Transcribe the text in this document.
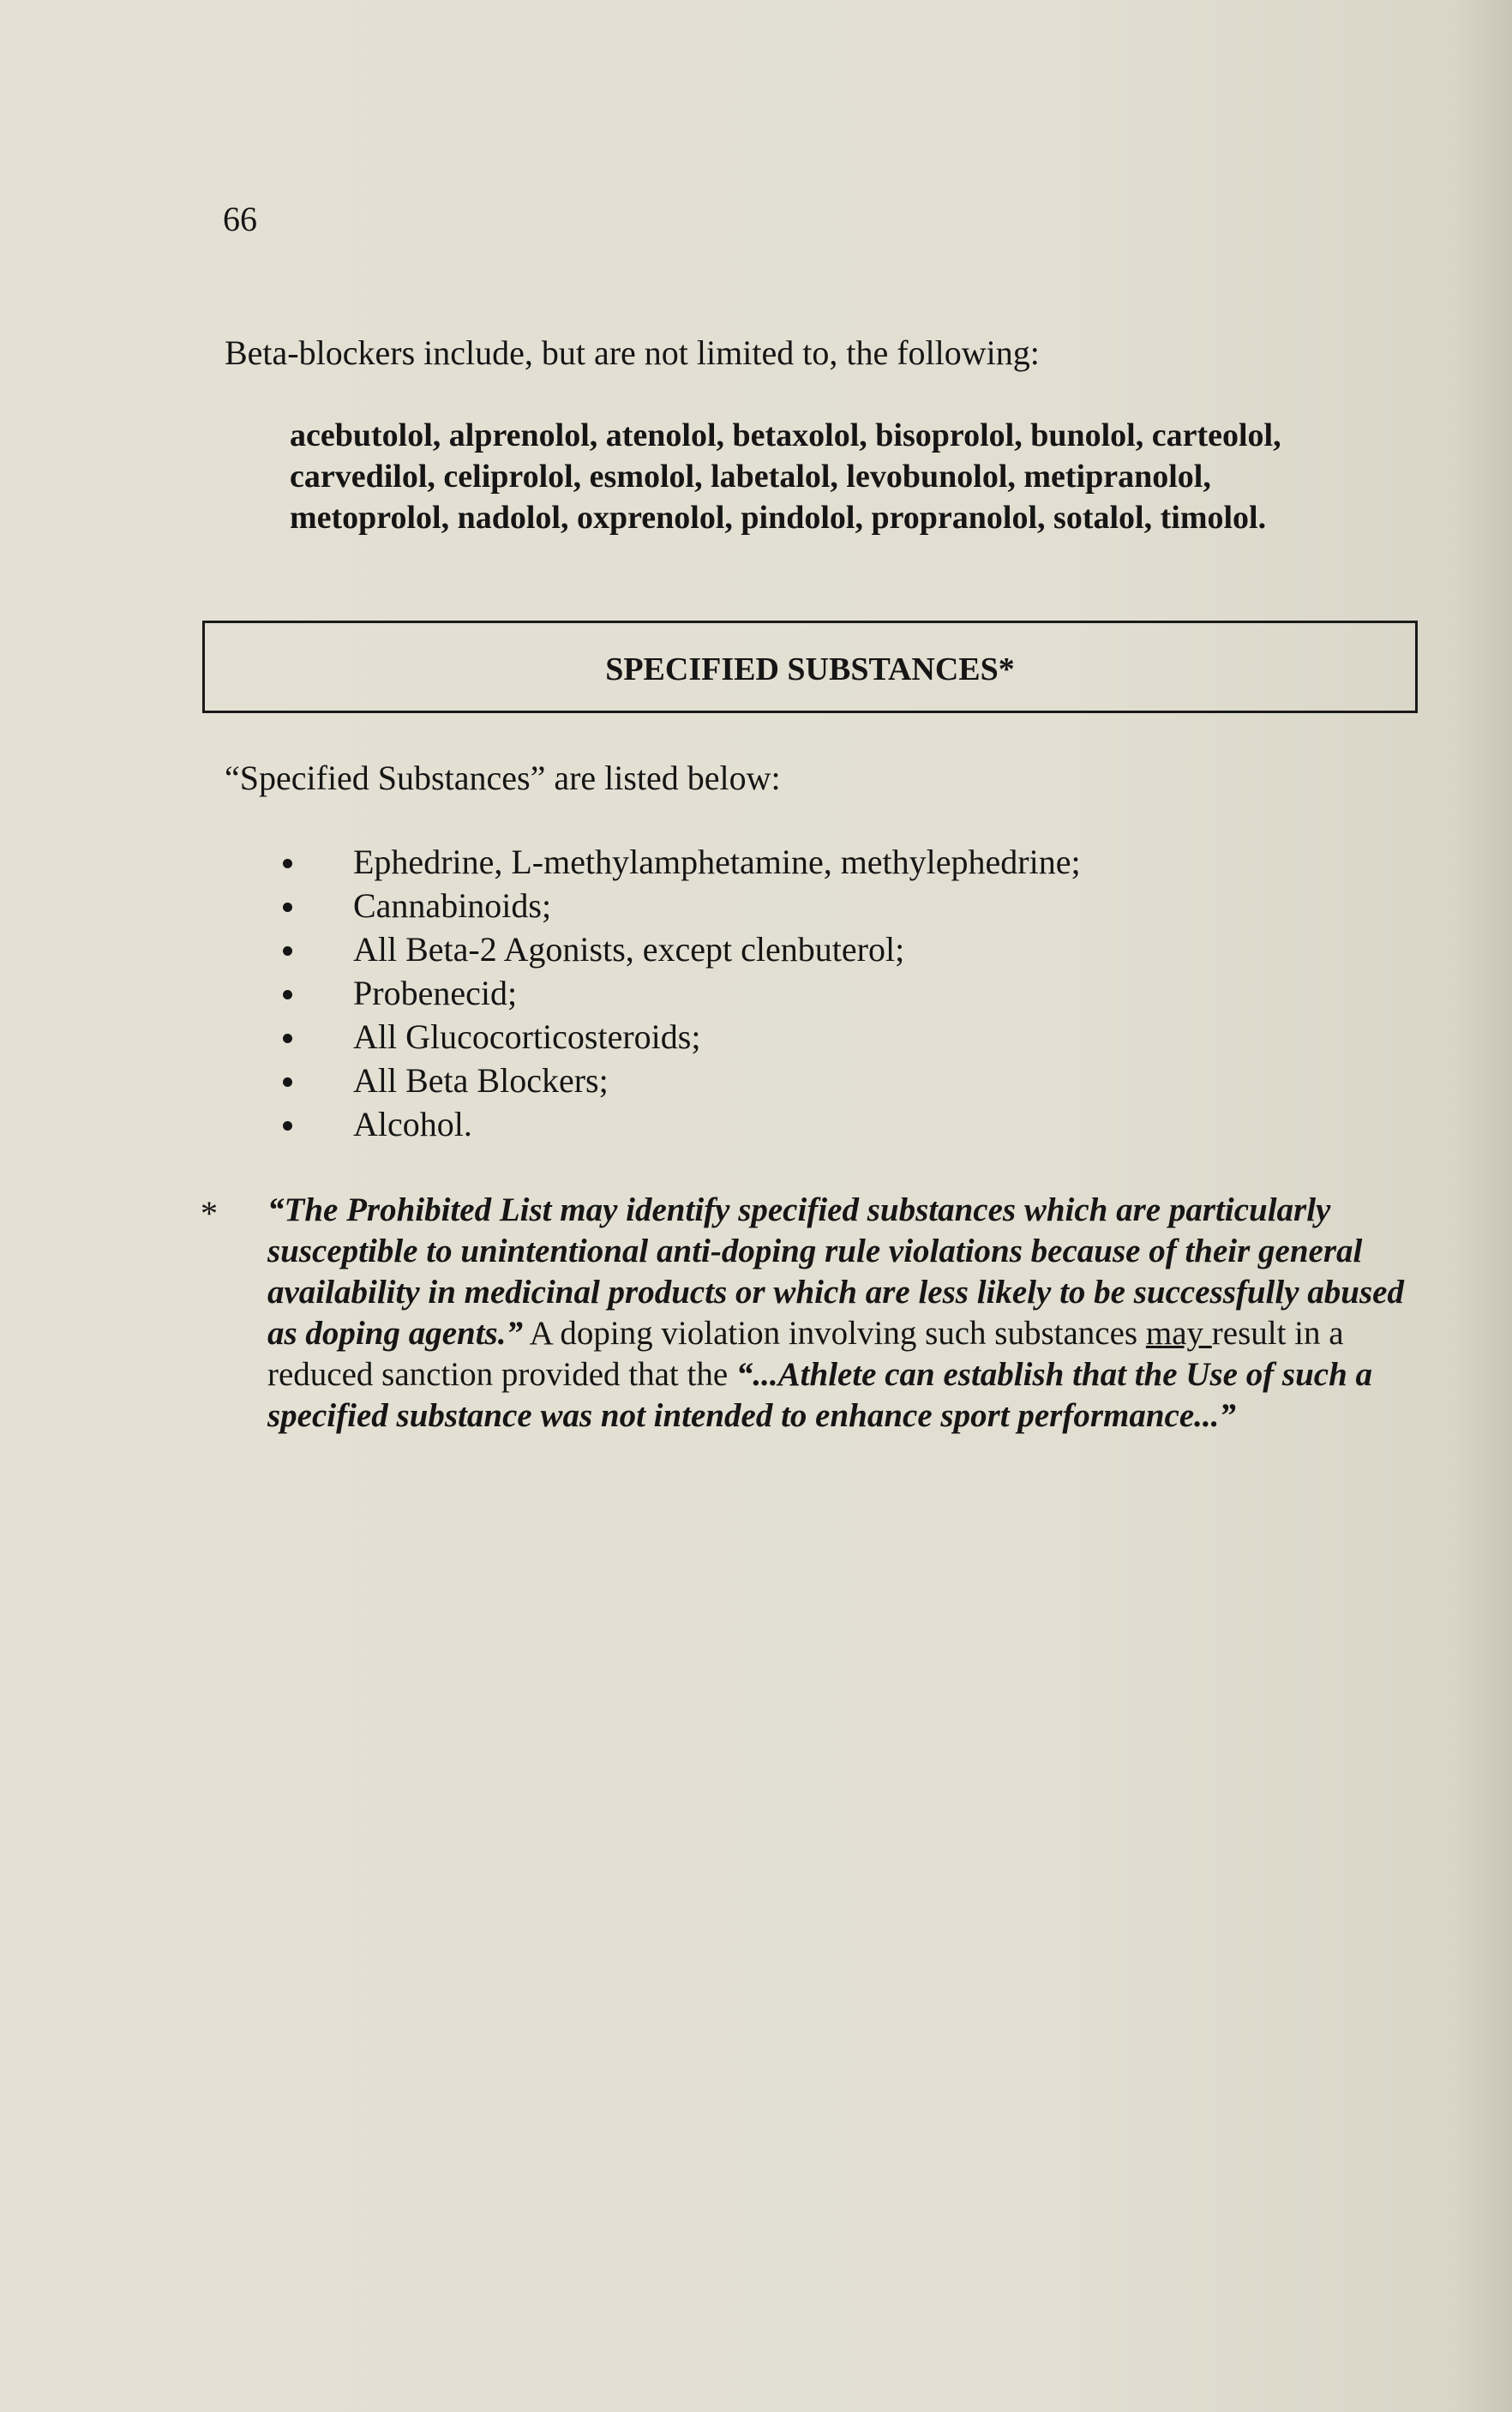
66
Beta-blockers include, but are not limited to, the following:
acebutolol, alprenolol, atenolol, betaxolol, bisoprolol, bunolol, carteolol,
carvedilol, celiprolol, esmolol, labetalol, levobunolol, metipranolol,
metoprolol, nadolol, oxprenolol, pindolol, propranolol, sotalol, timolol.
SPECIFIED SUBSTANCES*
“Specified Substances” are listed below:
Ephedrine, L-methylamphetamine, methylephedrine;
Cannabinoids;
All Beta-2 Agonists, except clenbuterol;
Probenecid;
All Glucocorticosteroids;
All Beta Blockers;
Alcohol.
* “The Prohibited List may identify specified substances which are particularly susceptible to unintentional anti-doping rule violations because of their general availability in medicinal products or which are less likely to be successfully abused as doping agents.” A doping violation involving such substances may result in a reduced sanction provided that the “...Athlete can establish that the Use of such a specified substance was not intended to enhance sport performance...”
